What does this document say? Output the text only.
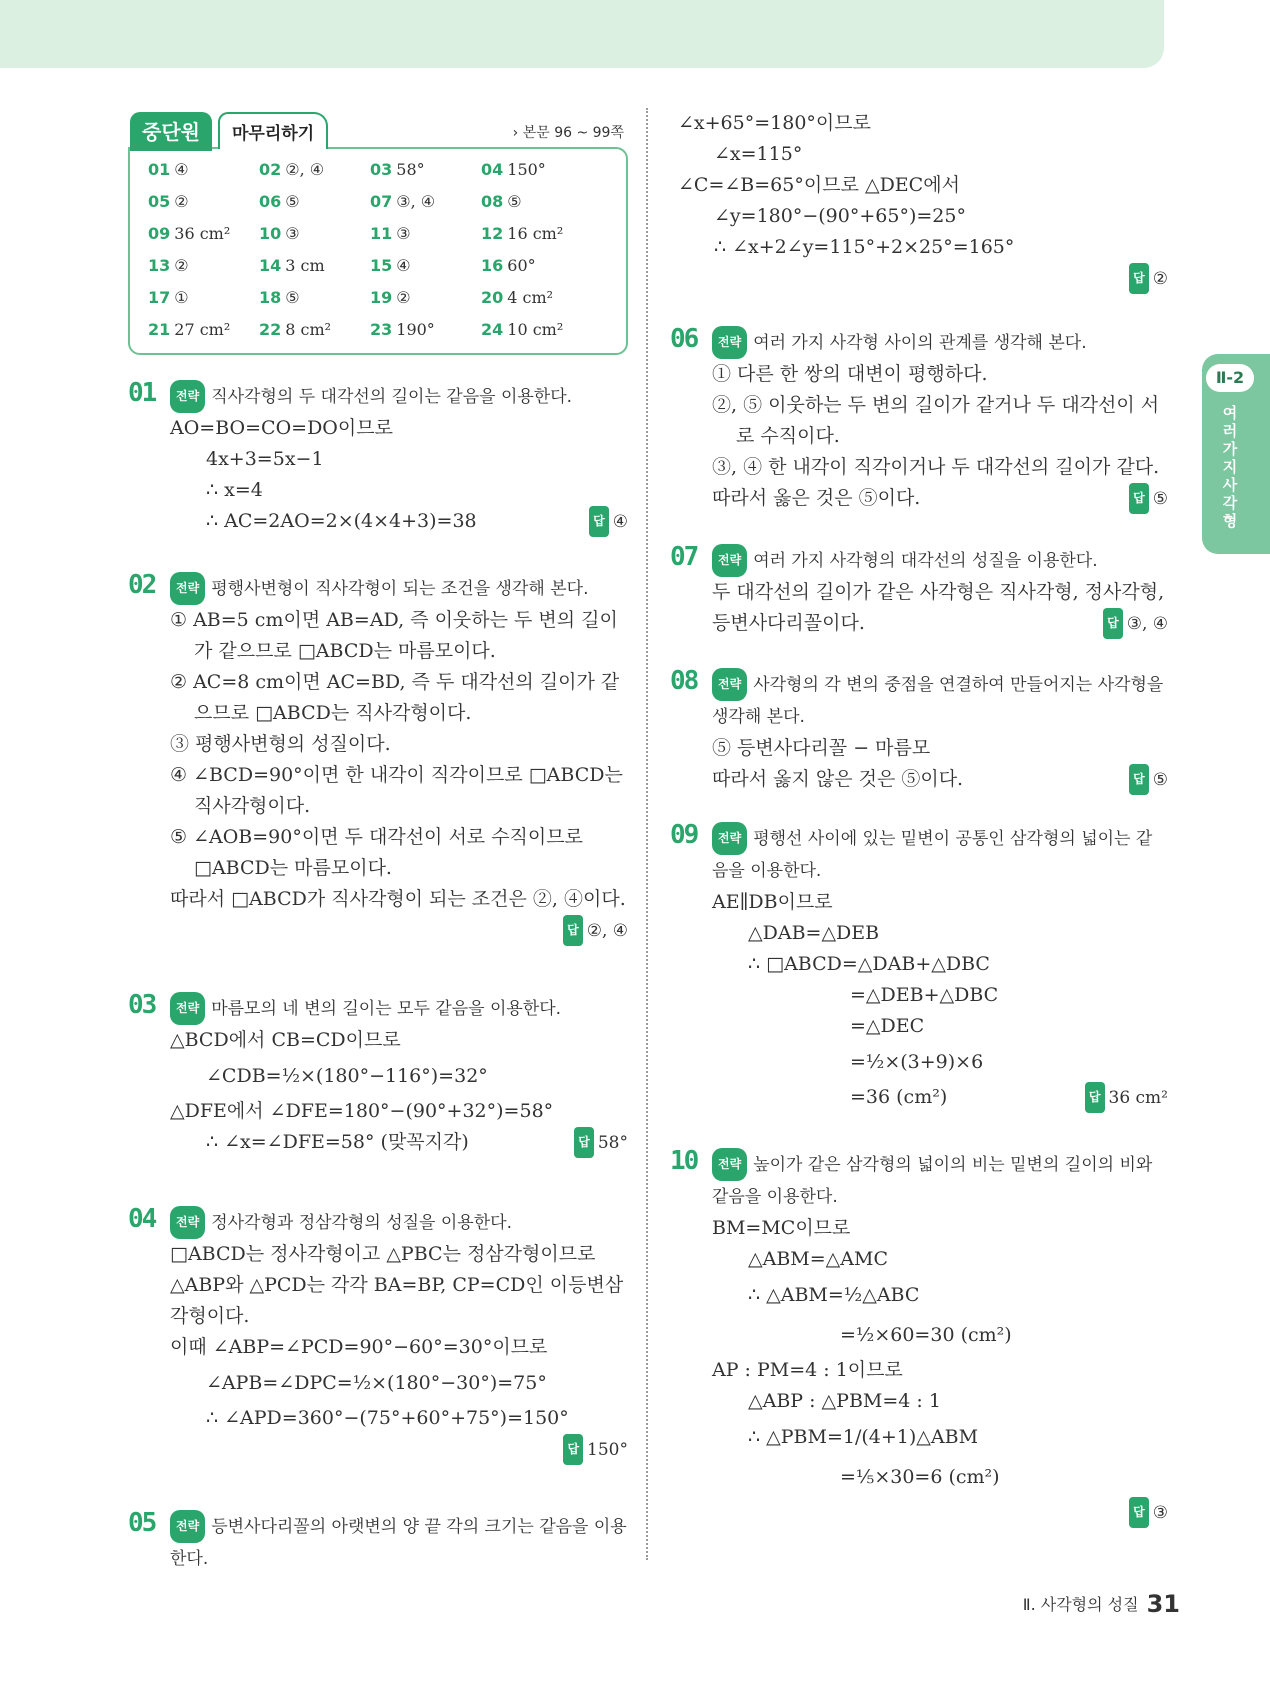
중단원	마무리하기	› 본문 96 ~ 99쪽
01 ④	02 ②, ④	03 58°	04 150°
05 ②	06 ⑤	07 ③, ④	08 ⑤
09 36 cm²	10 ③	11 ③	12 16 cm²
13 ②	14 3 cm	15 ④	16 60°
17 ①	18 ⑤	19 ②	20 4 cm²
21 27 cm²	22 8 cm²	23 190°	24 10 cm²
01	전략 직사각형의 두 대각선의 길이는 같음을 이용한다.
AO=BO=CO=DO이므로
4x+3=5x−1
∴ x=4
∴ AC=2AO=2×(4×4+3)=38	답 ④
02	전략 평행사변형이 직사각형이 되는 조건을 생각해 본다.
① AB=5 cm이면 AB=AD, 즉 이웃하는 두 변의 길이가 같으므로 □ABCD는 마름모이다.
② AC=8 cm이면 AC=BD, 즉 두 대각선의 길이가 같으므로 □ABCD는 직사각형이다.
③ 평행사변형의 성질이다.
④ ∠BCD=90°이면 한 내각이 직각이므로 □ABCD는 직사각형이다.
⑤ ∠AOB=90°이면 두 대각선이 서로 수직이므로 □ABCD는 마름모이다.
따라서 □ABCD가 직사각형이 되는 조건은 ②, ④이다.
답 ②, ④
03	전략 마름모의 네 변의 길이는 모두 같음을 이용한다.
△BCD에서 CB=CD이므로
∠CDB=½×(180°−116°)=32°
△DFE에서 ∠DFE=180°−(90°+32°)=58°
∴ ∠x=∠DFE=58° (맞꼭지각)	답 58°
04	전략 정사각형과 정삼각형의 성질을 이용한다.
□ABCD는 정사각형이고 △PBC는 정삼각형이므로
△ABP와 △PCD는 각각 BA=BP, CP=CD인 이등변삼각형이다.
이때 ∠ABP=∠PCD=90°−60°=30°이므로
∠APB=∠DPC=½×(180°−30°)=75°
∴ ∠APD=360°−(75°+60°+75°)=150°
답 150°
05	전략 등변사다리꼴의 아랫변의 양 끝 각의 크기는 같음을 이용한다.
∠x+65°=180°이므로
∠x=115°
∠C=∠B=65°이므로 △DEC에서
∠y=180°−(90°+65°)=25°
∴ ∠x+2∠y=115°+2×25°=165°
답 ②
06	전략 여러 가지 사각형 사이의 관계를 생각해 본다.
① 다른 한 쌍의 대변이 평행하다.
②, ⑤ 이웃하는 두 변의 길이가 같거나 두 대각선이 서로 수직이다.
③, ④ 한 내각이 직각이거나 두 대각선의 길이가 같다.
따라서 옳은 것은 ⑤이다.	답 ⑤
07	전략 여러 가지 사각형의 대각선의 성질을 이용한다.
두 대각선의 길이가 같은 사각형은 직사각형, 정사각형, 등변사다리꼴이다.	답 ③, ④
08	전략 사각형의 각 변의 중점을 연결하여 만들어지는 사각형을 생각해 본다.
⑤ 등변사다리꼴 − 마름모
따라서 옳지 않은 것은 ⑤이다.	답 ⑤
09	전략 평행선 사이에 있는 밑변이 공통인 삼각형의 넓이는 같음을 이용한다.
AE∥DB이므로
△DAB=△DEB
∴ □ABCD=△DAB+△DBC
=△DEB+△DBC
=△DEC
=½×(3+9)×6
=36 (cm²)	답 36 cm²
10	전략 높이가 같은 삼각형의 넓이의 비는 밑변의 길이의 비와 같음을 이용한다.
BM=MC이므로
△ABM=△AMC
∴ △ABM=½△ABC
=½×60=30 (cm²)
AP : PM=4 : 1이므로
△ABP : △PBM=4 : 1
∴ △PBM=1/(4+1)△ABM
=⅕×30=6 (cm²)
답 ③
Ⅱ-2
여러가지사각형
Ⅱ. 사각형의 성질 31
